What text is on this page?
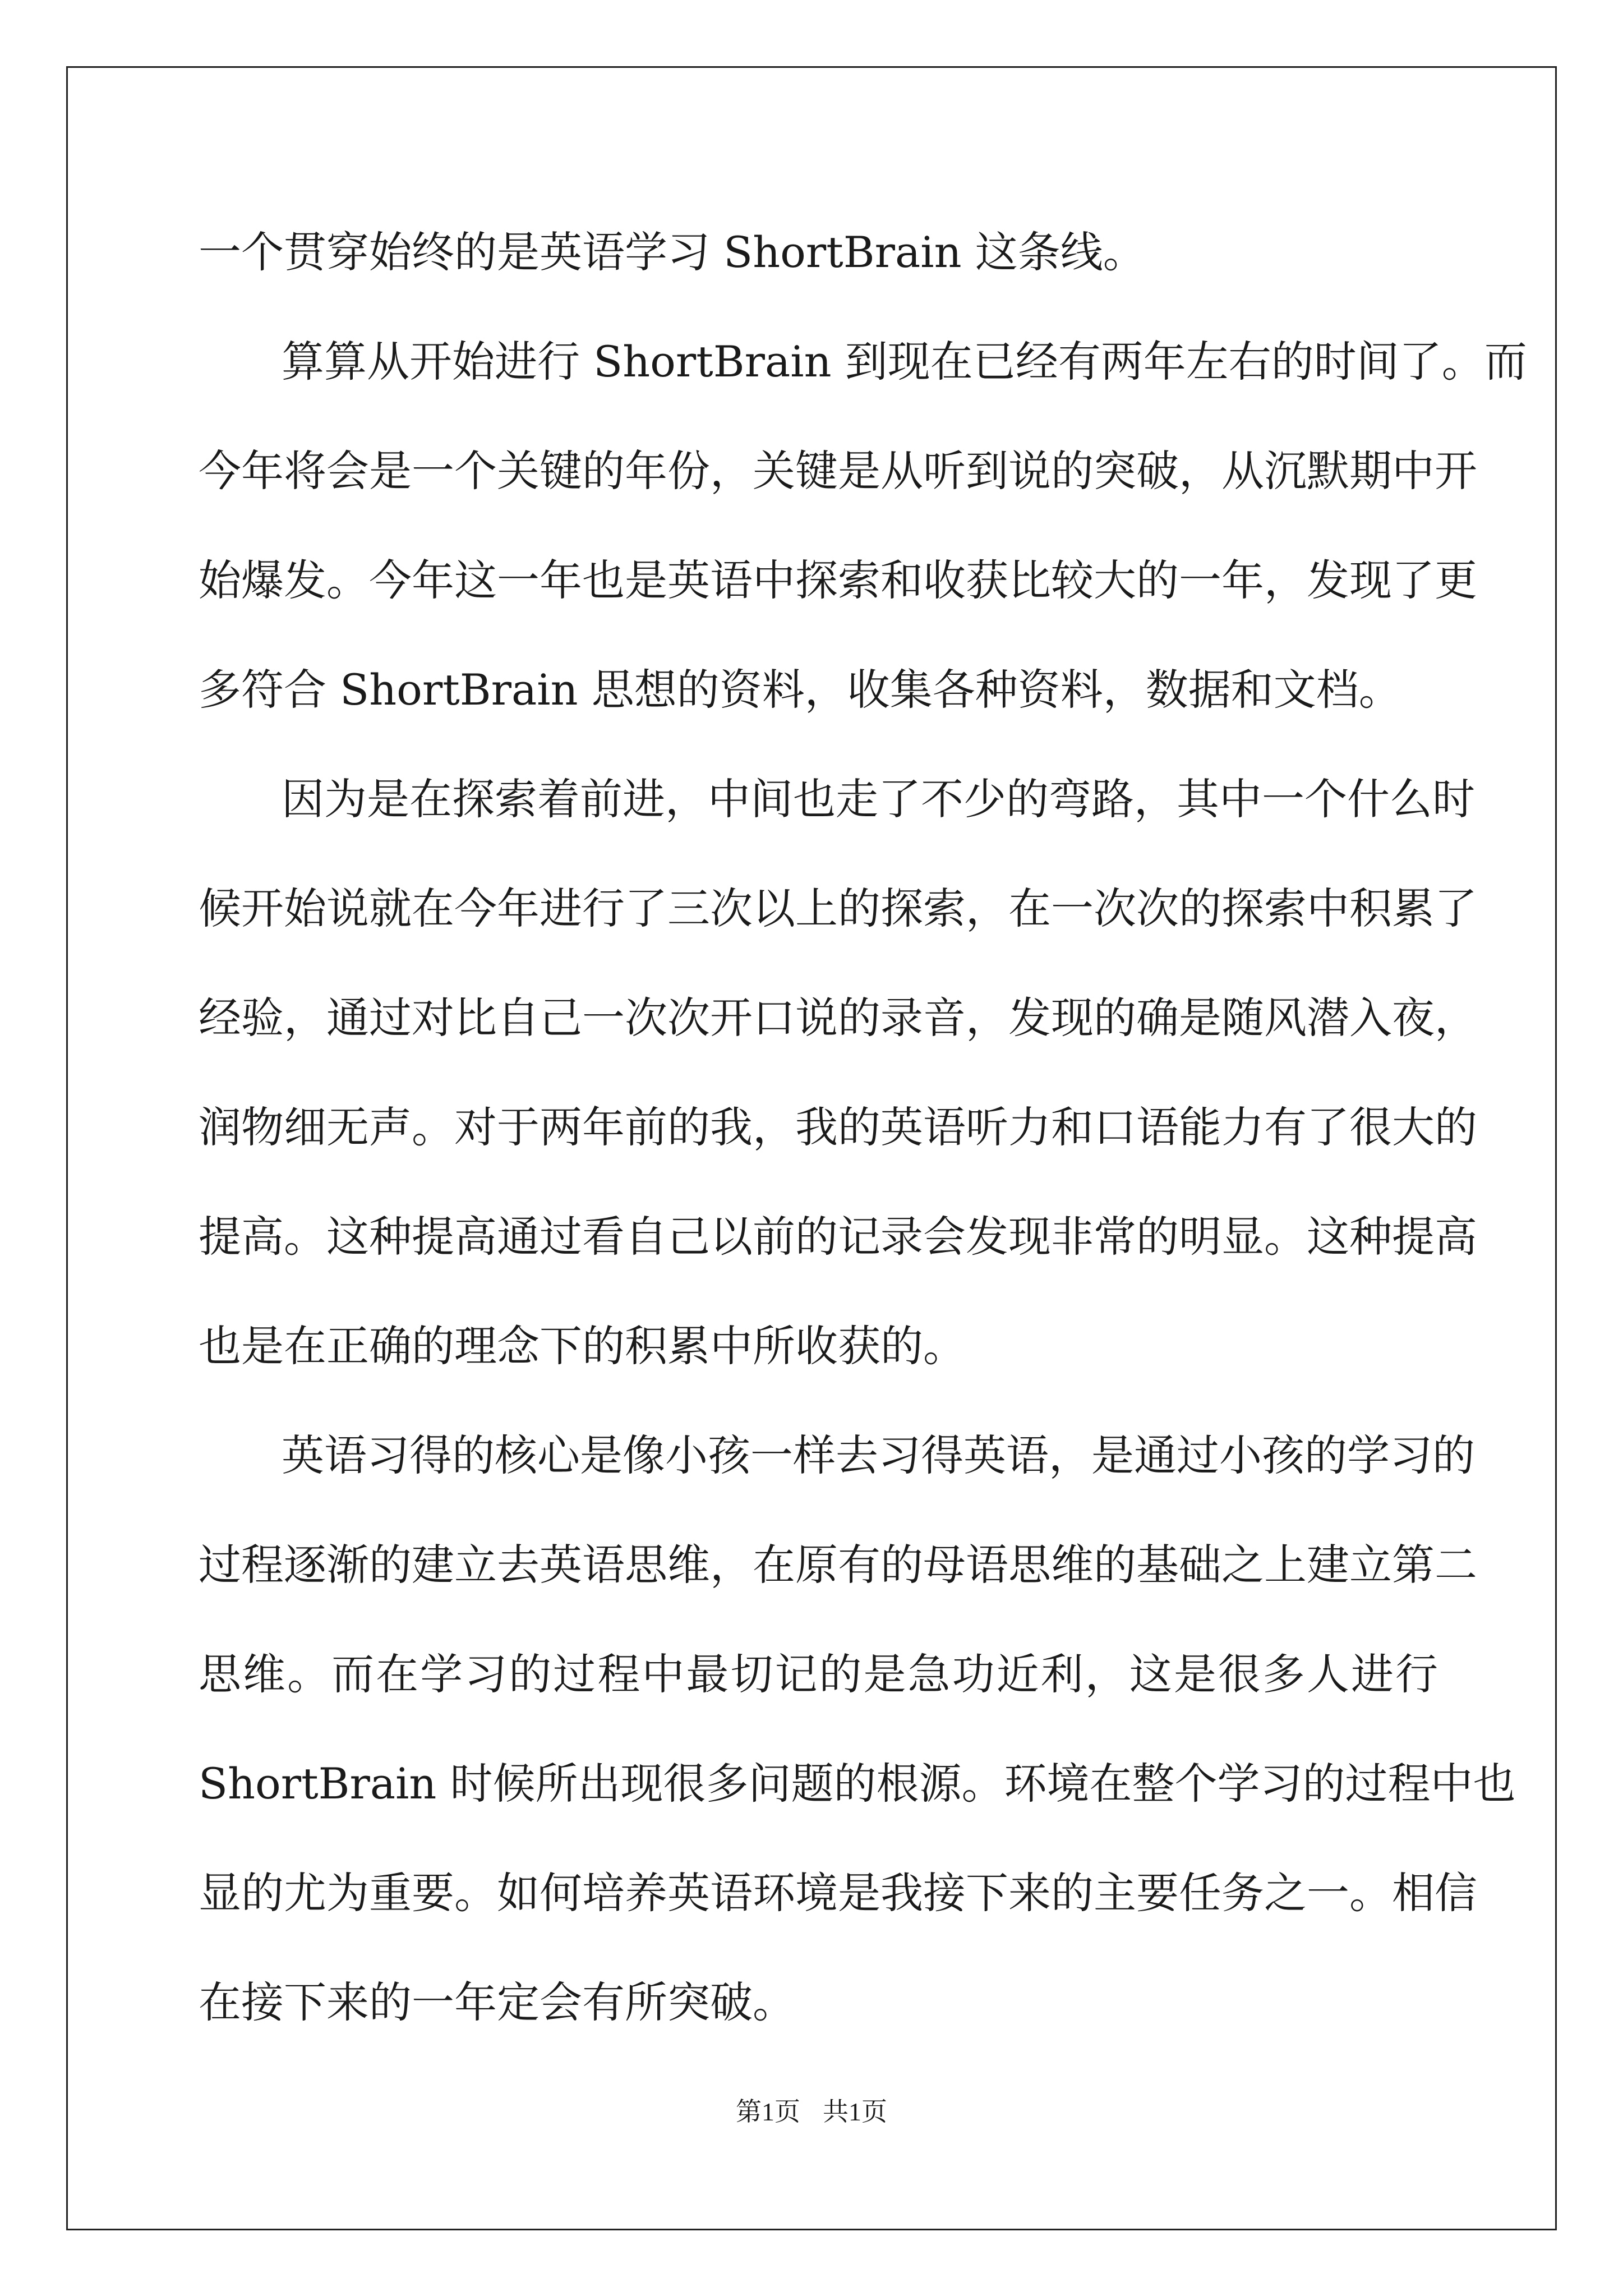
一个贯穿始终的是英语学习 ShortBrain 这条线。
算算从开始进行 ShortBrain 到现在已经有两年左右的时间了。而
今年将会是一个关键的年份，关键是从听到说的突破，从沉默期中开
始爆发。今年这一年也是英语中探索和收获比较大的一年，发现了更
多符合 ShortBrain 思想的资料，收集各种资料，数据和文档。
因为是在探索着前进，中间也走了不少的弯路，其中一个什么时
候开始说就在今年进行了三次以上的探索，在一次次的探索中积累了
经验，通过对比自己一次次开口说的录音，发现的确是随风潜入夜，
润物细无声。对于两年前的我，我的英语听力和口语能力有了很大的
提高。这种提高通过看自己以前的记录会发现非常的明显。这种提高
也是在正确的理念下的积累中所收获的。
英语习得的核心是像小孩一样去习得英语，是通过小孩的学习的
过程逐渐的建立去英语思维，在原有的母语思维的基础之上建立第二
思维。而在学习的过程中最切记的是急功近利，这是很多人进行
ShortBrain 时候所出现很多问题的根源。环境在整个学习的过程中也
显的尤为重要。如何培养英语环境是我接下来的主要任务之一。相信
在接下来的一年定会有所突破。
第1页 共1页
